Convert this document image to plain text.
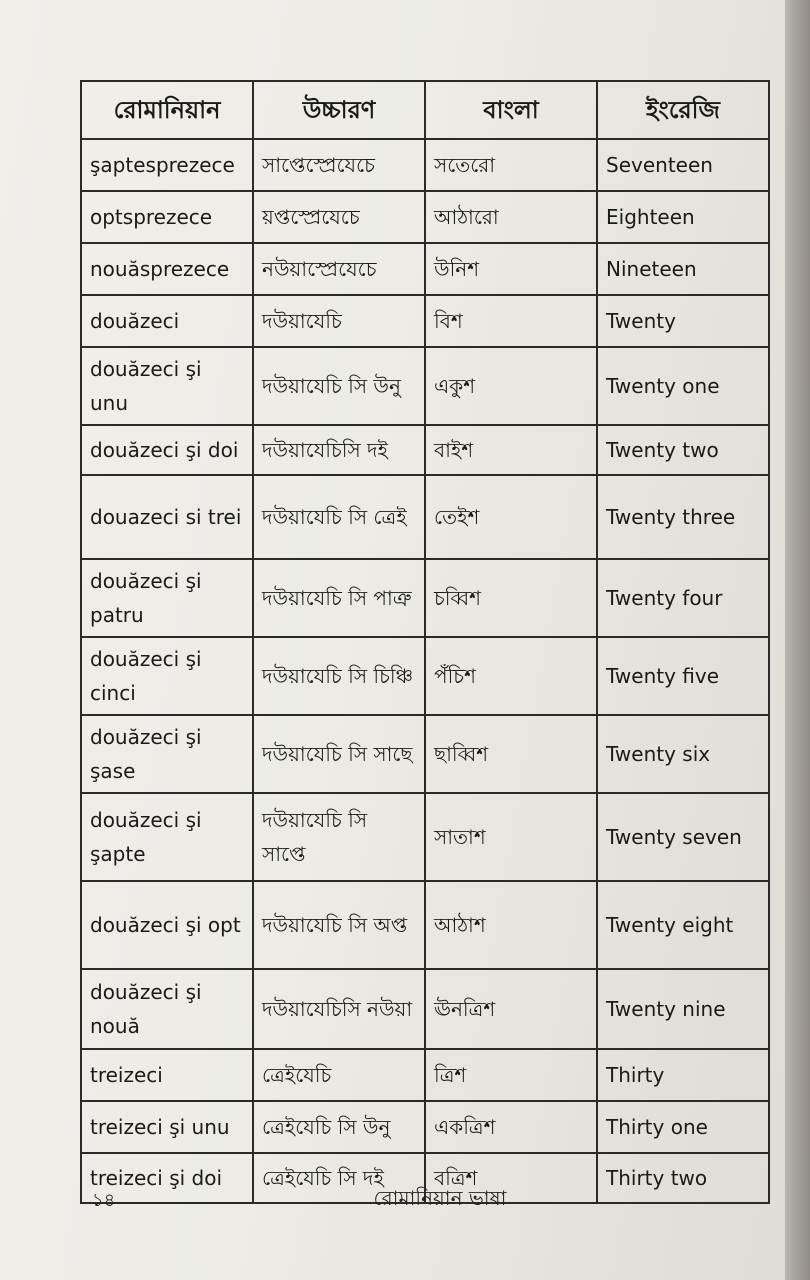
রোমানিয়ান	উচ্চারণ	বাংলা	ইংরেজি
şaptesprezece	সাপ্তেস্প্রেযেচে	সতেরো	Seventeen
optsprezece	য়প্তস্প্রেযেচে	আঠারো	Eighteen
nouăsprezece	নউয়াস্প্রেযেচে	উনিশ	Nineteen
douăzeci	দউয়াযেচি	বিশ	Twenty
douăzeci şi unu	দউয়াযেচি সি উনু	একুশ	Twenty one
douăzeci şi doi	দউয়াযেচিসি দই	বাইশ	Twenty two
douazeci si trei	দউয়াযেচি সি ত্রেই	তেইশ	Twenty three
douăzeci şi patru	দউয়াযেচি সি পাত্রু	চব্বিশ	Twenty four
douăzeci şi cinci	দউয়াযেচি সি চিঞ্চি	পঁচিশ	Twenty five
douăzeci şi şase	দউয়াযেচি সি সাছে	ছাব্বিশ	Twenty six
douăzeci şi şapte	দউয়াযেচি সি সাপ্তে	সাতাশ	Twenty seven
douăzeci şi opt	দউয়াযেচি সি অপ্ত	আঠাশ	Twenty eight
douăzeci şi nouă	দউয়াযেচিসি নউয়া	ঊনত্রিশ	Twenty nine
treizeci	ত্রেইযেচি	ত্রিশ	Thirty
treizeci şi unu	ত্রেইযেচি সি উনু	একত্রিশ	Thirty one
treizeci şi doi	ত্রেইযেচি সি দই	বত্রিশ	Thirty two
১৪	রোমানিয়ান ভাষা
